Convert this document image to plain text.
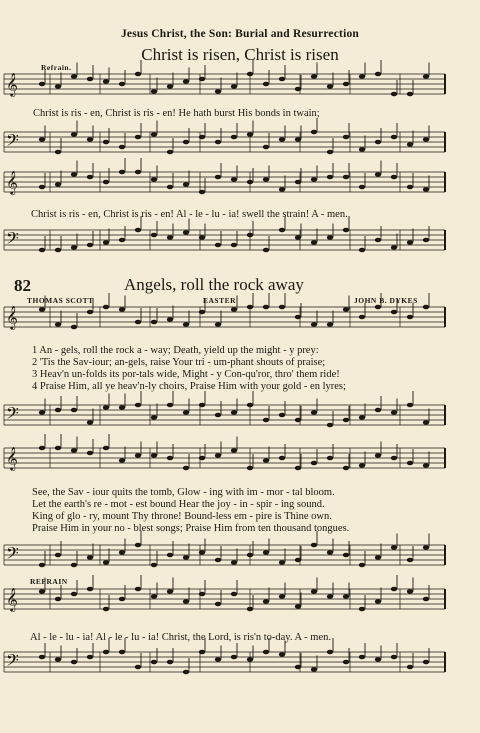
Jesus Christ, the Son: Burial and Resurrection
Christ is risen, Christ is risen
Refrain.
𝄞
𝄢
𝄞
𝄢
𝄞
𝄢
𝄞
𝄢
𝄞
𝄢
Christ is ris - en, Christ is ris - en! He hath burst His bonds in twain;
Christ is ris - en, Christ is ris - en! Al - le - lu - ia! swell the strain! A - men.
82	Angels, roll the rock away
THOMAS SCOTT	EASTER	JOHN B. DYKES
1 An - gels, roll the rock a - way; Death, yield up the might - y prey:
2 'Tis the Sav-iour; an-gels, raise Your tri - um-phant shouts of praise;
3 Heav'n un-folds its por-tals wide, Might - y Con-qu'ror, thro' them ride!
4 Praise Him, all ye heav'n-ly choirs, Praise Him with your gold - en lyres;
See, the Sav - iour quits the tomb, Glow - ing with im - mor - tal bloom.
Let the earth's re - mot - est bound Hear the joy - in - spir - ing sound.
King of glo - ry, mount Thy throne! Bound-less em - pire is Thine own.
Praise Him in your no - blest songs; Praise Him from ten thousand tongues.
REFRAIN
Al - le - lu - ia! Al - le - lu - ia! Christ, the Lord, is ris'n to-day. A - men.
